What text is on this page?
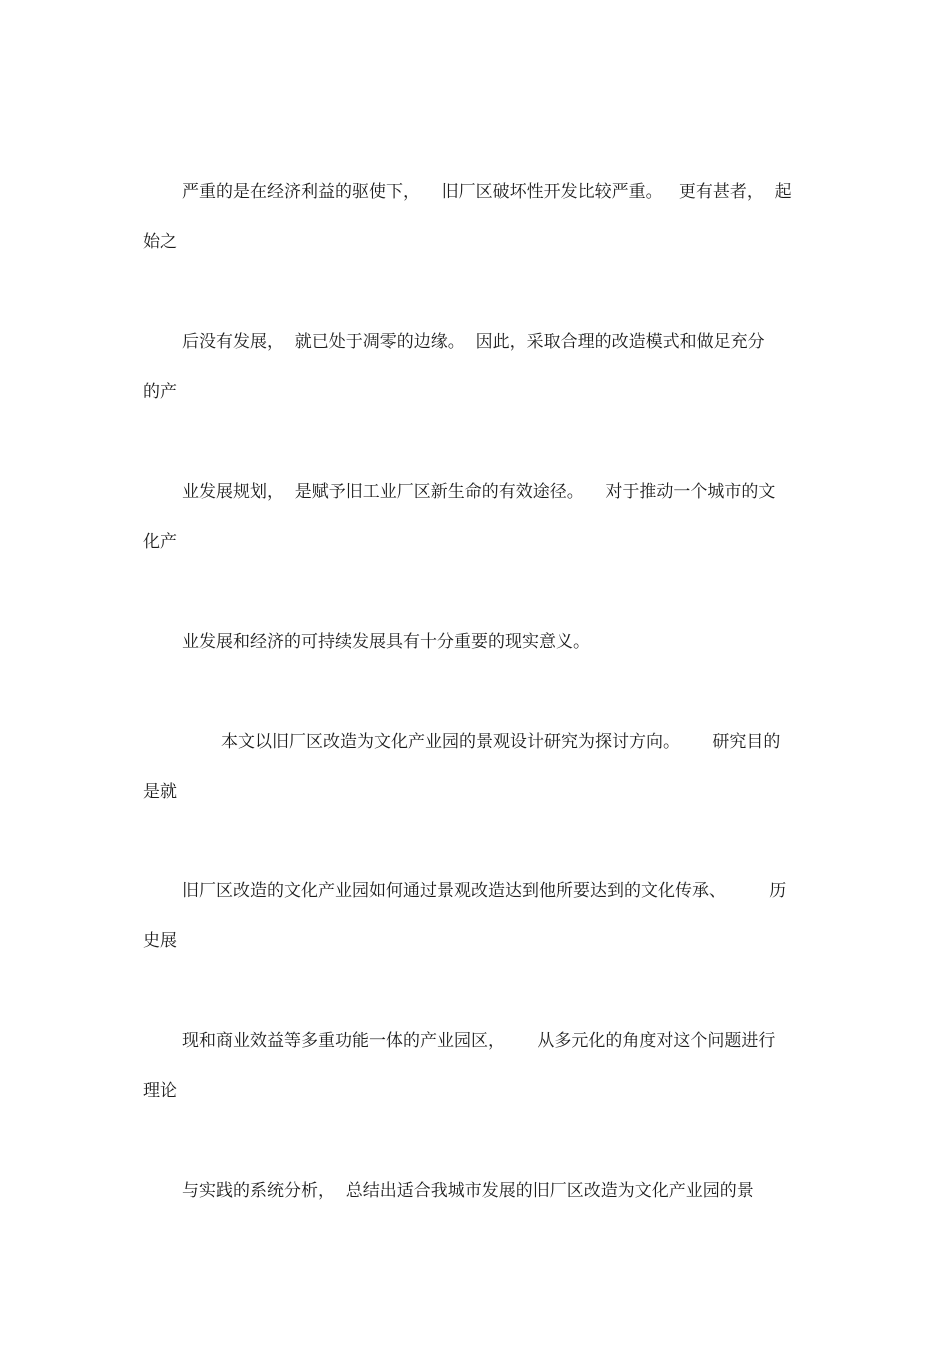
严重的是在经济利益的驱使下，    旧厂区破坏性开发比较严重。   更有甚者，  起

始之

后没有发展，  就已处于凋零的边缘。  因此，采取合理的改造模式和做足充分

的产

业发展规划，  是赋予旧工业厂区新生命的有效途径。    对于推动一个城市的文

化产

业发展和经济的可持续发展具有十分重要的现实意义。

本文以旧厂区改造为文化产业园的景观设计研究为探讨方向。      研究目的

是就

旧厂区改造的文化产业园如何通过景观改造达到他所要达到的文化传承、        历

史展

现和商业效益等多重功能一体的产业园区，      从多元化的角度对这个问题进行

理论

与实践的系统分析，  总结出适合我城市发展的旧厂区改造为文化产业园的景
